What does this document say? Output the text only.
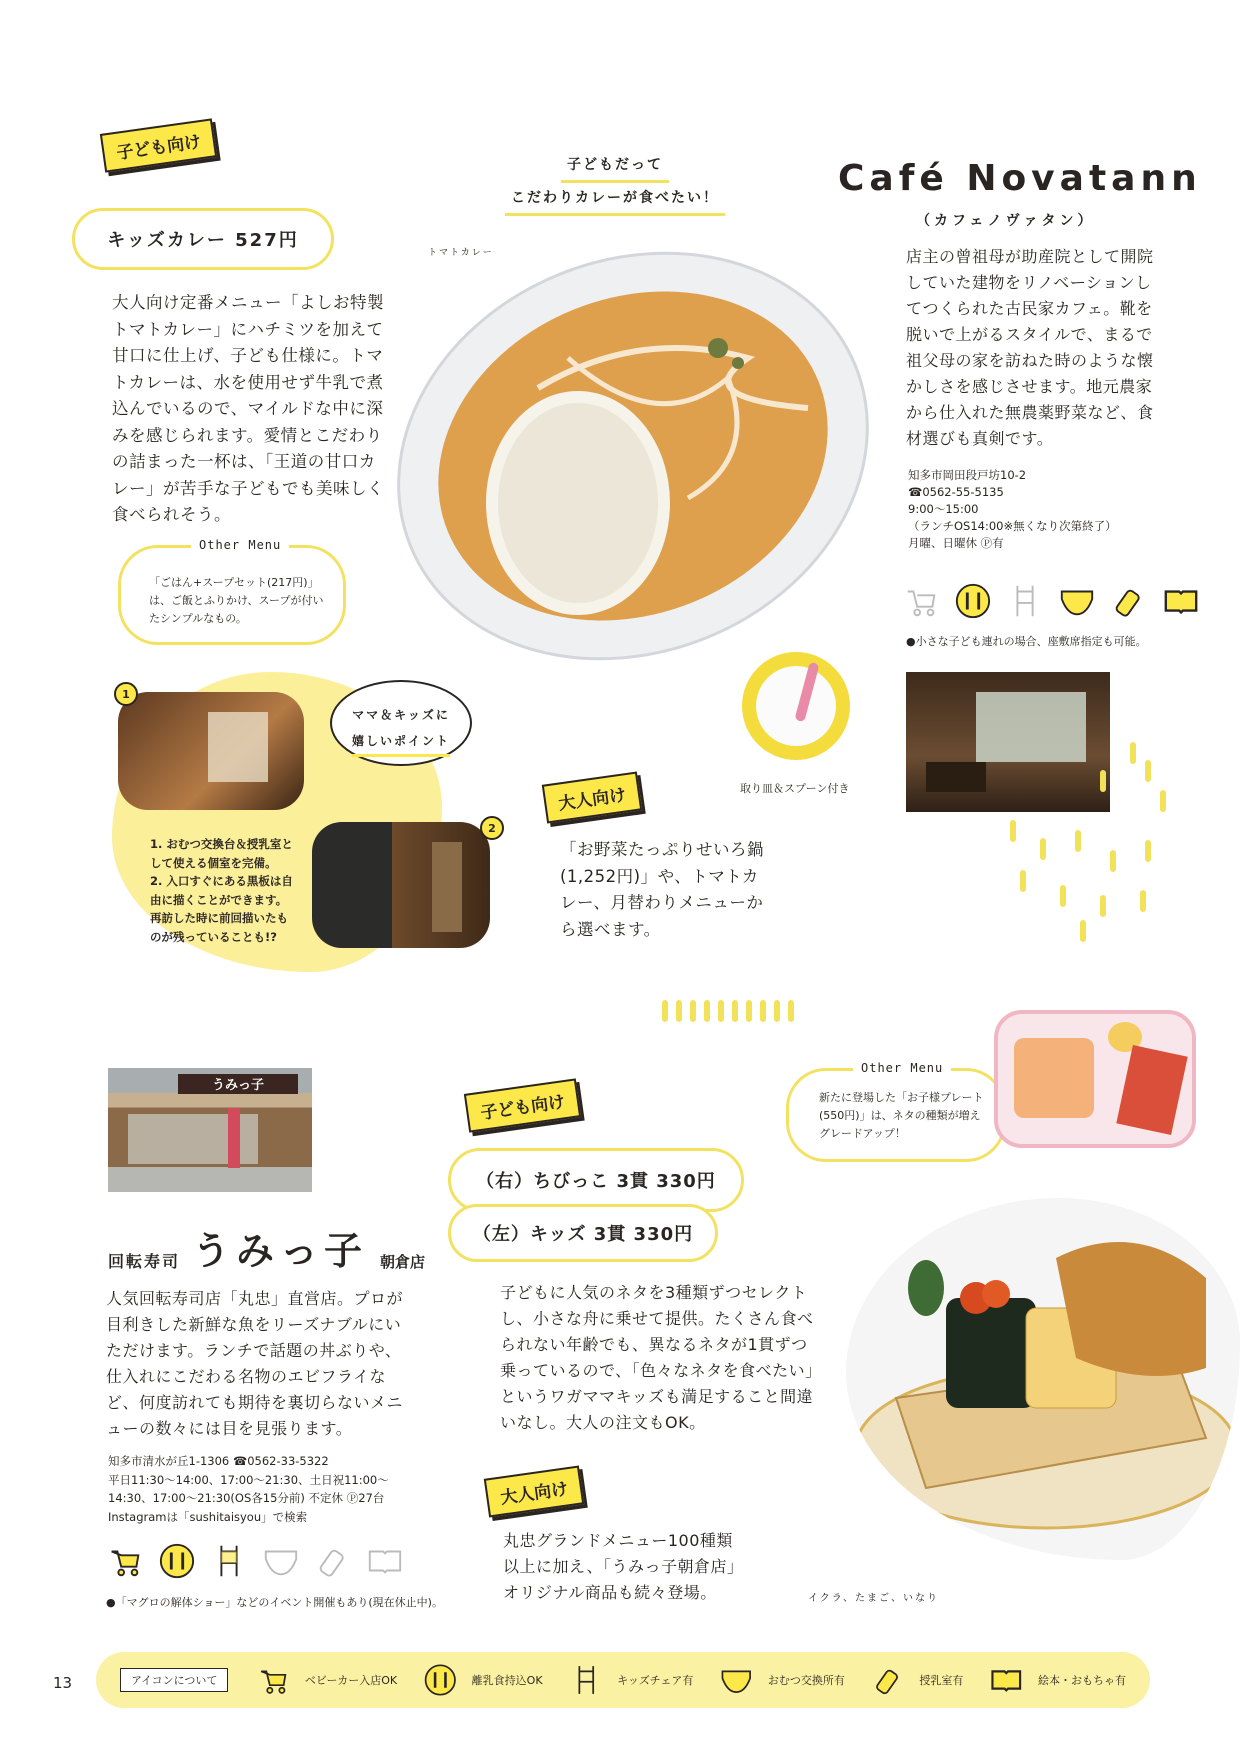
子ども向け
子どもだって
こだわりカレーが食べたい！
キッズカレー 527円
大人向け定番メニュー「よしお特製トマトカレー」にハチミツを加えて甘口に仕上げ、子ども仕様に。トマトカレーは、水を使用せず牛乳で煮込んでいるので、マイルドな中に深みを感じられます。愛情とこだわりの詰まった一杯は、「王道の甘口カレー」が苦手な子どもでも美味しく食べられそう。
Other Menu
「ごはん+スープセット(217円)」は、ご飯とふりかけ、スープが付いたシンプルなもの。
トマトカレー
取り皿＆スプーン付き
1
ママ＆キッズに
嬉しいポイント
1. おむつ交換台＆授乳室として使える個室を完備。
2. 入口すぐにある黒板は自由に描くことができます。再訪した時に前回描いたものが残っていることも!?
2
大人向け
「お野菜たっぷりせいろ鍋(1,252円)」や、トマトカレー、月替わりメニューから選べます。
Café Novatann
（カフェノヴァタン）
店主の曾祖母が助産院として開院していた建物をリノベーションしてつくられた古民家カフェ。靴を脱いで上がるスタイルで、まるで祖父母の家を訪ねた時のような懐かしさを感じさせます。地元農家から仕入れた無農薬野菜など、食材選びも真剣です。
知多市岡田段戸坊10-2
☎0562-55-5135
9:00〜15:00
（ランチOS14:00※無くなり次第終了）
月曜、日曜休 Ⓟ有
●小さな子ども連れの場合、座敷席指定も可能。
うみっ子
回転寿司 うみっ子 朝倉店
人気回転寿司店「丸忠」直営店。プロが目利きした新鮮な魚をリーズナブルにいただけます。ランチで話題の丼ぶりや、仕入れにこだわる名物のエビフライなど、何度訪れても期待を裏切らないメニューの数々には目を見張ります。
知多市清水が丘1-1306 ☎0562-33-5322
平日11:30〜14:00、17:00〜21:30、土日祝11:00〜
14:30、17:00〜21:30(OS各15分前) 不定休 Ⓟ27台
Instagramは「sushitaisyou」で検索
●「マグロの解体ショー」などのイベント開催もあり(現在休止中)。
子ども向け
（右）ちびっこ 3貫 330円
（左）キッズ 3貫 330円
子どもに人気のネタを3種類ずつセレクトし、小さな舟に乗せて提供。たくさん食べられない年齢でも、異なるネタが1貫ずつ乗っているので、「色々なネタを食べたい」というワガママキッズも満足すること間違いなし。大人の注文もOK。
大人向け
丸忠グランドメニュー100種類以上に加え、「うみっ子朝倉店」オリジナル商品も続々登場。
Other Menu
新たに登場した「お子様プレート(550円)」は、ネタの種類が増えグレードアップ！
イクラ、たまご、いなり
13	アイコンについて	ベビーカー入店OK	離乳食持込OK	キッズチェア有	おむつ交換所有	授乳室有	絵本・おもちゃ有
